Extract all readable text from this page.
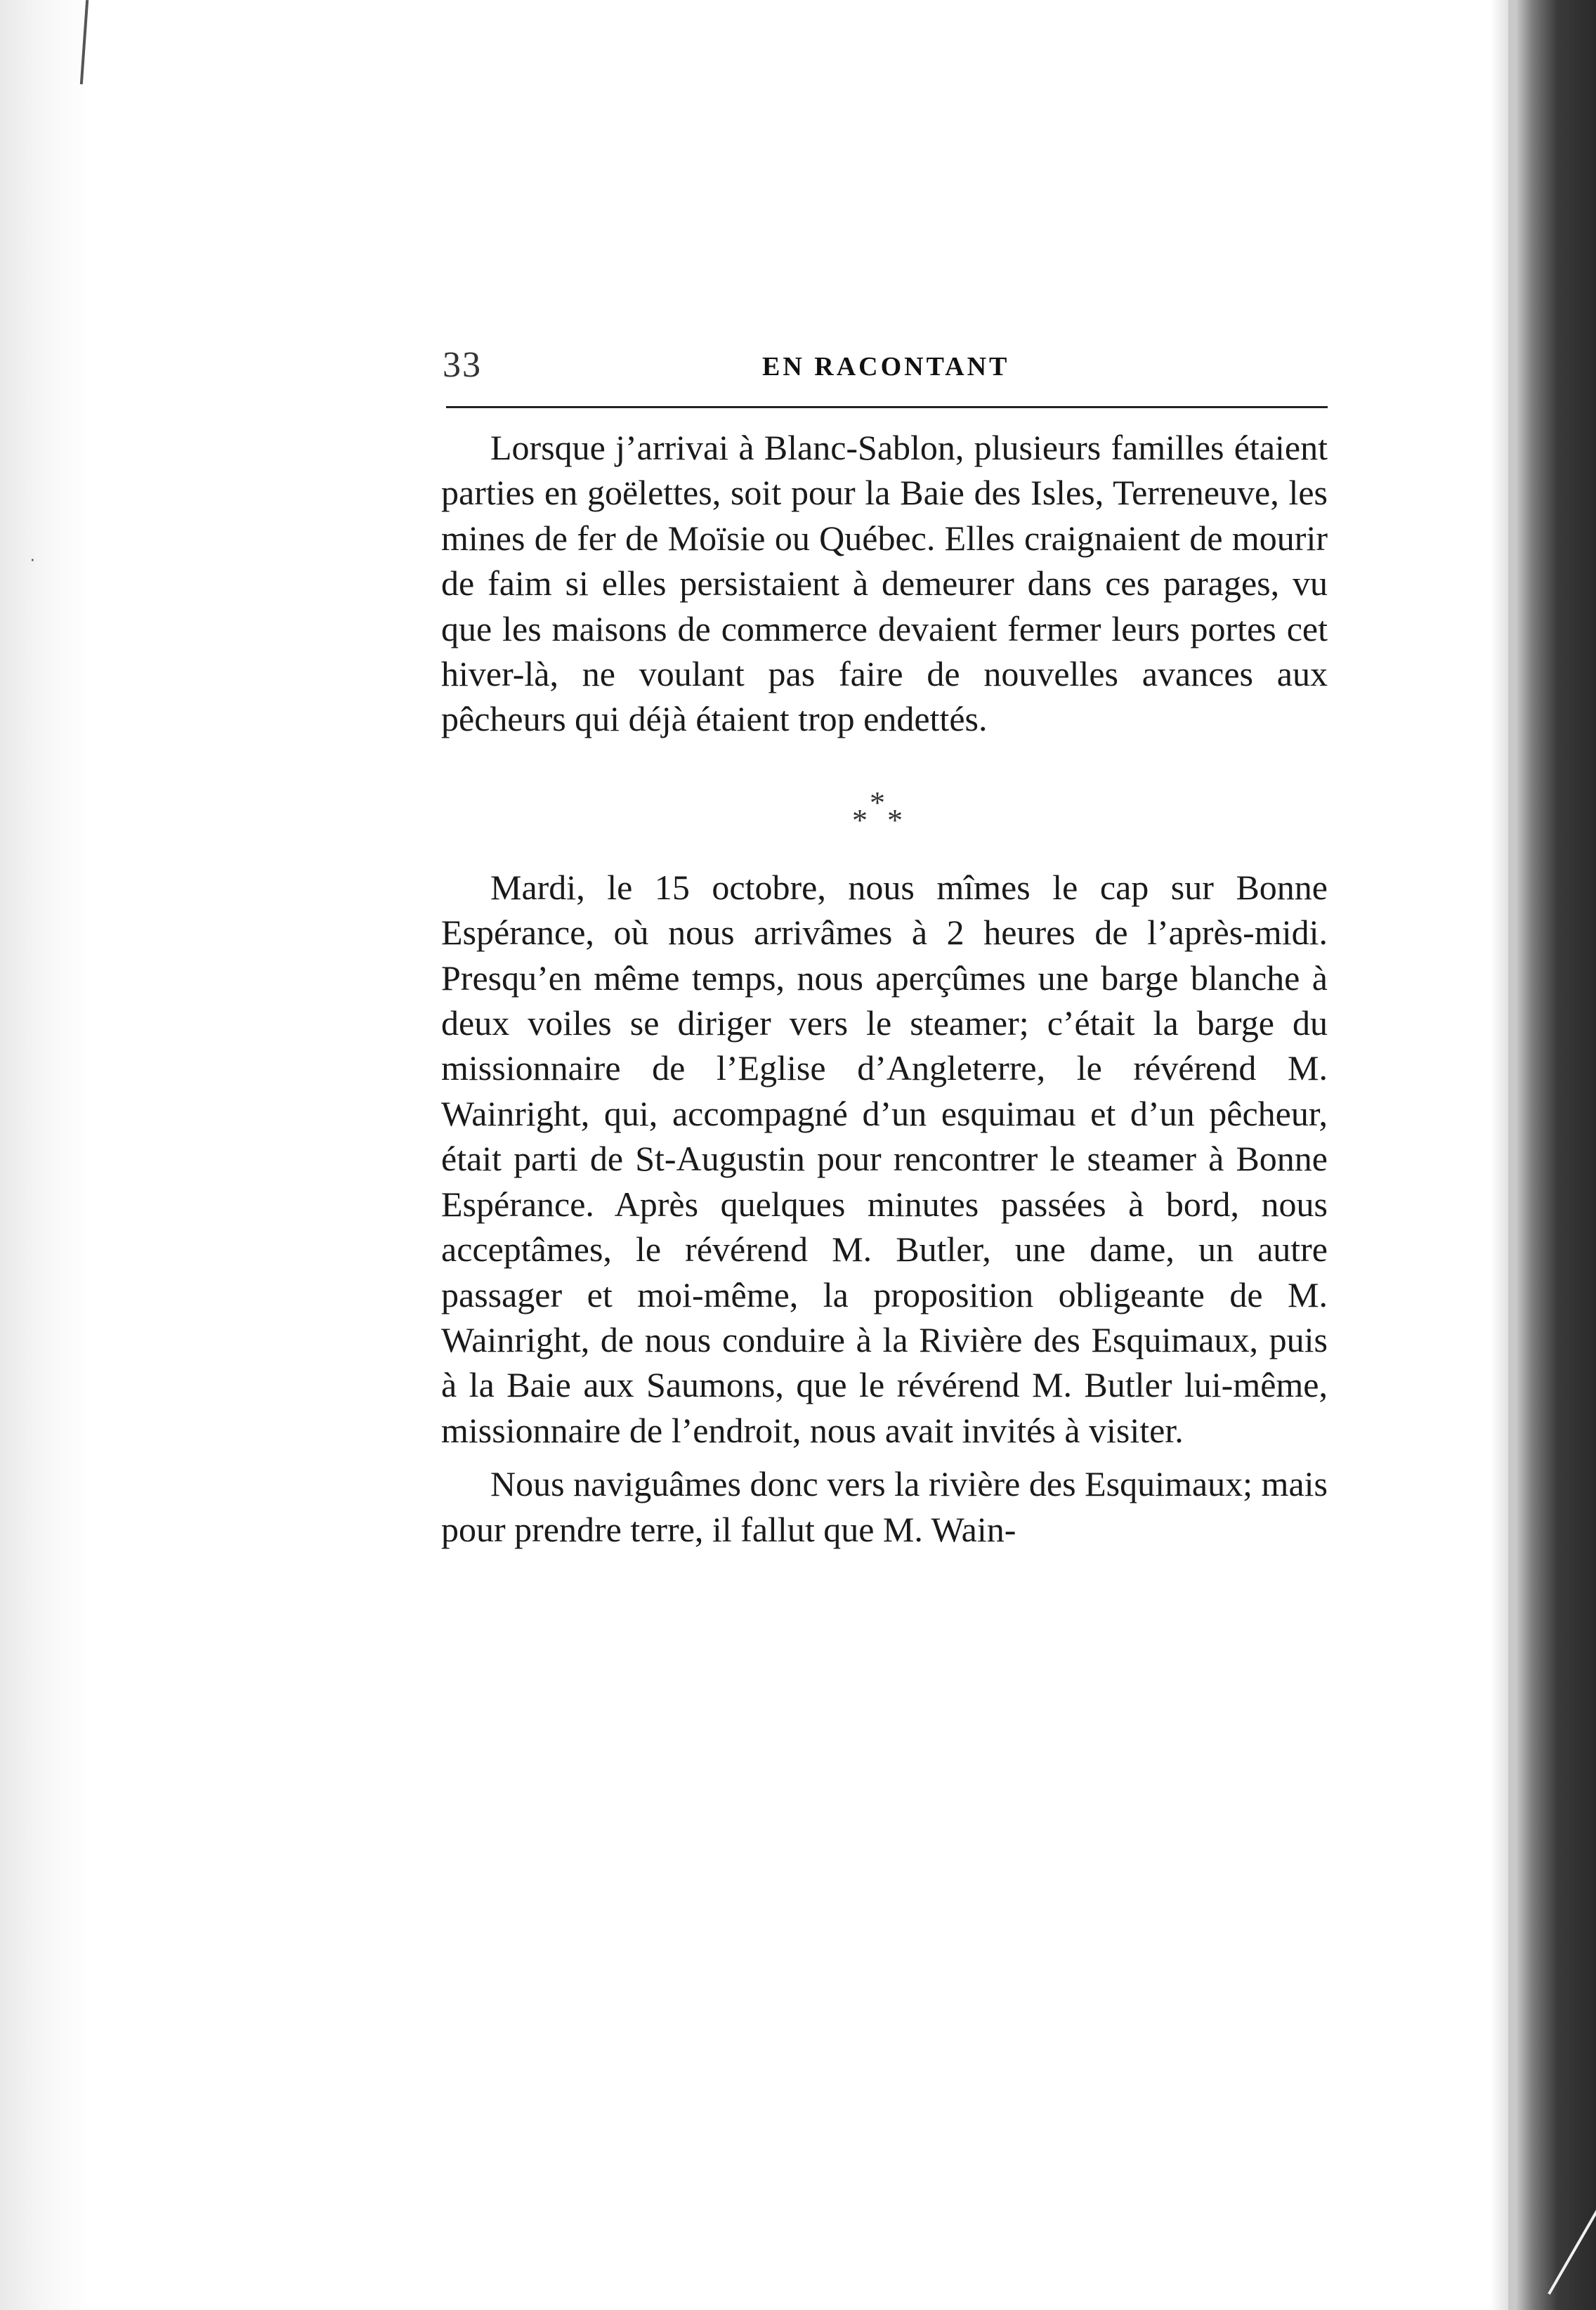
·
33	EN RACONTANT

Lorsque j’arrivai à Blanc-Sablon, plusieurs familles étaient parties en goëlettes, soit pour la Baie des Isles, Terreneuve, les mines de fer de Moïsie ou Québec. Elles craignaient de mourir de faim si elles persistaient à demeurer dans ces parages, vu que les maisons de commerce devaient fermer leurs portes cet hiver-là, ne voulant pas faire de nouvelles avances aux pêcheurs qui déjà étaient trop endettés.

*
* *

Mardi, le 15 octobre, nous mîmes le cap sur Bonne Espérance, où nous arrivâmes à 2 heures de l’après-midi. Presqu’en même temps, nous aperçûmes une barge blanche à deux voiles se diriger vers le steamer; c’était la barge du missionnaire de l’Eglise d’Angleterre, le révérend M. Wainright, qui, accompagné d’un esquimau et d’un pêcheur, était parti de St-Augustin pour rencontrer le steamer à Bonne Espérance. Après quelques minutes passées à bord, nous acceptâmes, le révérend M. Butler, une dame, un autre passager et moi-même, la proposition obligeante de M. Wainright, de nous conduire à la Rivière des Esquimaux, puis à la Baie aux Saumons, que le révérend M. Butler lui-même, missionnaire de l’endroit, nous avait invités à visiter.

Nous naviguâmes donc vers la rivière des Esquimaux; mais pour prendre terre, il fallut que M. Wain-
